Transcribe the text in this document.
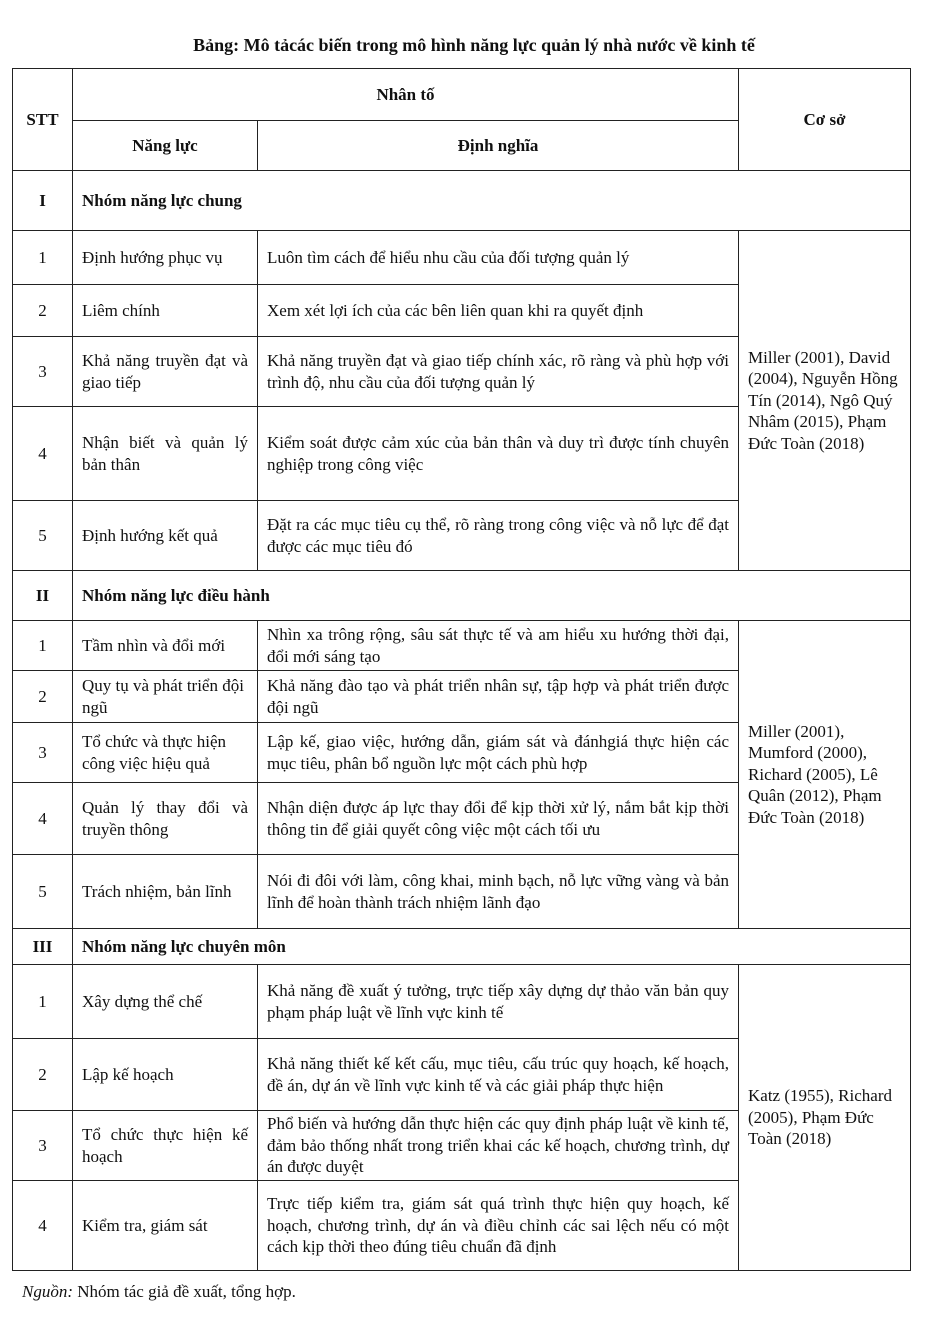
Bảng: Mô tảcác biến trong mô hình năng lực quản lý nhà nước về kinh tế
STT	Nhân tố		Cơ sở
	Năng lực	Định nghĩa	
I	Nhóm năng lực chung		
1	Định hướng phục vụ	Luôn tìm cách để hiểu nhu cầu của đối tượng quản lý	Miller (2001), David (2004), Nguyễn Hồng Tín (2014), Ngô Quý Nhâm (2015), Phạm Đức Toàn (2018)
2	Liêm chính	Xem xét lợi ích của các bên liên quan khi ra quyết định	
3	Khả năng truyền đạt và giao tiếp	Khả năng truyền đạt và giao tiếp chính xác, rõ ràng và phù hợp với trình độ, nhu cầu của đối tượng quản lý	
4	Nhận biết và quản lý bản thân	Kiểm soát được cảm xúc của bản thân và duy trì được tính chuyên nghiệp trong công việc	
5	Định hướng kết quả	Đặt ra các mục tiêu cụ thể, rõ ràng trong công việc và nỗ lực để đạt được các mục tiêu đó	
II	Nhóm năng lực điều hành		
1	Tầm nhìn và đổi mới	Nhìn xa trông rộng, sâu sát thực tế và am hiểu xu hướng thời đại, đổi mới sáng tạo	Miller (2001), Mumford (2000), Richard (2005), Lê Quân (2012), Phạm Đức Toàn (2018)
2	Quy tụ và phát triển đội ngũ	Khả năng đào tạo và phát triển nhân sự, tập hợp và phát triển được đội ngũ	
3	Tổ chức và thực hiện công việc hiệu quả	Lập kế, giao việc, hướng dẫn, giám sát và đánhgiá thực hiện các mục tiêu, phân bổ nguồn lực một cách phù hợp	
4	Quản lý thay đổi và truyền thông	Nhận diện được áp lực thay đổi để kịp thời xử lý, nắm bắt kịp thời thông tin để giải quyết công việc một cách tối ưu	
5	Trách nhiệm, bản lĩnh	Nói đi đôi với làm, công khai, minh bạch, nỗ lực vững vàng và bản lĩnh để hoàn thành trách nhiệm lãnh đạo	
III	Nhóm năng lực chuyên môn		
1	Xây dựng thể chế	Khả năng đề xuất ý tưởng, trực tiếp xây dựng dự thảo văn bản quy phạm pháp luật về lĩnh vực kinh tế	Katz (1955), Richard (2005), Phạm Đức Toàn (2018)
2	Lập kế hoạch	Khả năng thiết kế kết cấu, mục tiêu, cấu trúc quy hoạch, kế hoạch, đề án, dự án về lĩnh vực kinh tế và các giải pháp thực hiện	
3	Tổ chức thực hiện kế hoạch	Phổ biến và hướng dẫn thực hiện các quy định pháp luật về kinh tế, đảm bảo thống nhất trong triển khai các kế hoạch, chương trình, dự án được duyệt	
4	Kiểm tra, giám sát	Trực tiếp kiểm tra, giám sát quá trình thực hiện quy hoạch, kế hoạch, chương trình, dự án và điều chỉnh các sai lệch nếu có một cách kịp thời theo đúng tiêu chuẩn đã định	
Nguồn: Nhóm tác giả đề xuất, tổng hợp.
